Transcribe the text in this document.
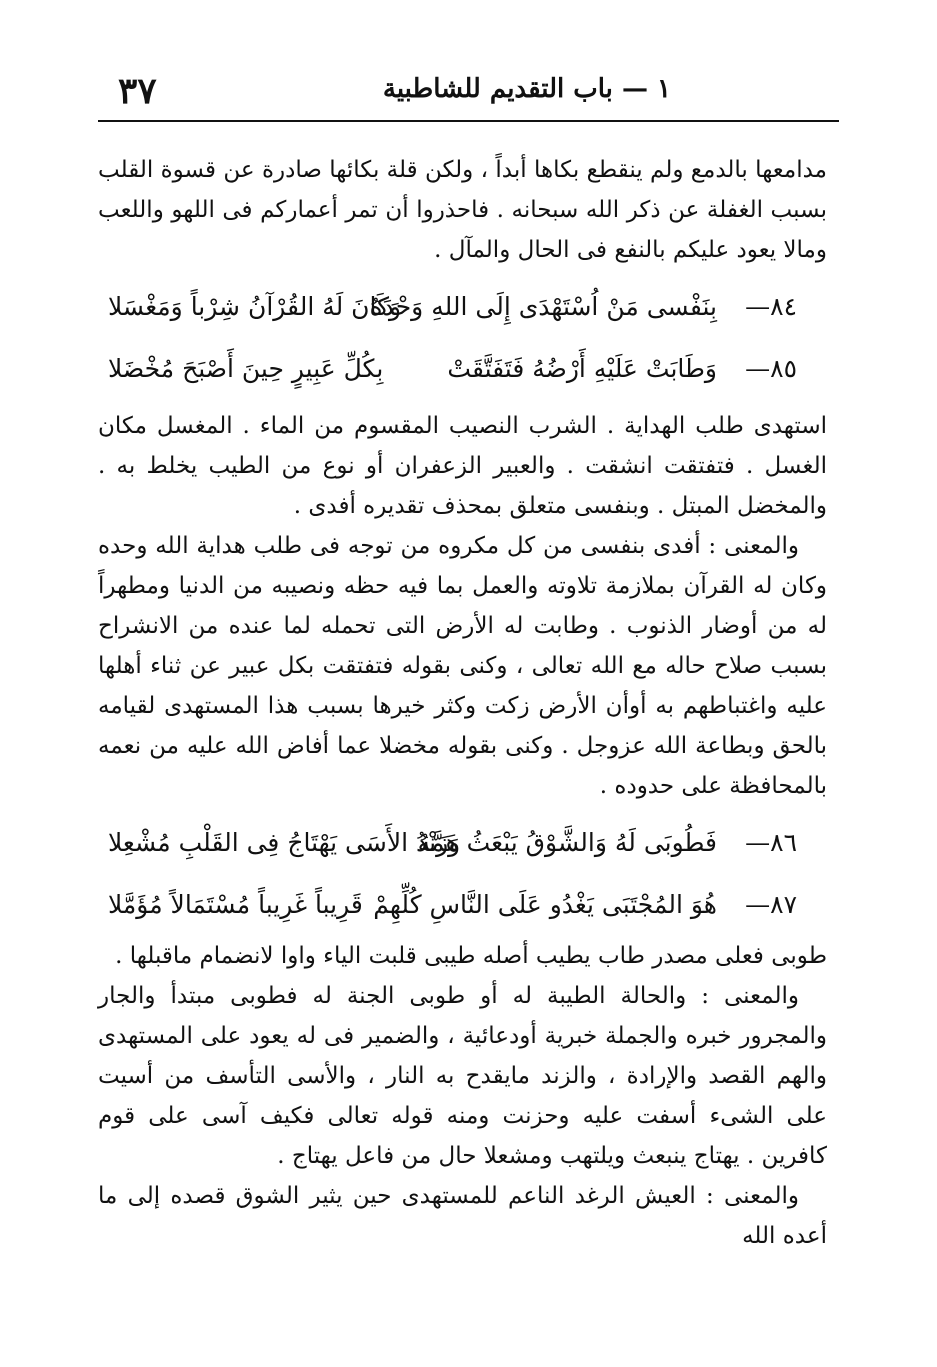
١ — باب التقديم للشاطبية
٣٧

مدامعها بالدمع ولم ينقطع بكاها أبداً ، ولكن قلة بكائها صادرة عن قسوة القلب بسبب الغفلة عن ذكر الله سبحانه . فاحذروا أن تمر أعماركم فى اللهو واللعب ومالا يعود عليكم بالنفع فى الحال والمآل .

٨٤—
بِنَفْسى مَنْ اُسْتَهْدَى إِلَى اللهِ وَحْدَهُ
وَكَانَ لَهُ القُرْآنُ شِرْباً وَمَغْسَلا
٨٥—
وَطَابَتْ عَلَيْهِ أَرْضُهُ فَتَفَتَّقَتْ
بِكُلِّ عَبِيرٍ حِينَ أَصْبَحَ مُخْضَلا

استهدى طلب الهداية . الشرب النصيب المقسوم من الماء . المغسل مكان الغسل . فتفتقت انشقت . والعبير الزعفران أو نوع من الطيب يخلط به . والمخضل المبتل . وبنفسى متعلق بمحذف تقديره أفدى .

والمعنى : أفدى بنفسى من كل مكروه من توجه فى طلب هداية الله وحده وكان له القرآن بملازمة تلاوته والعمل بما فيه حظه ونصيبه من الدنيا ومطهراً له من أوضار الذنوب . وطابت له الأرض التى تحمله لما عنده من الانشراح بسبب صلاح حاله مع الله تعالى ، وكنى بقوله فتفتقت بكل عبير عن ثناء أهلها عليه واغتباطهم به أوأن الأرض زكت وكثر خيرها بسبب هذا المستهدى لقيامه بالحق وبطاعة الله عزوجل . وكنى بقوله مخضلا عما أفاض الله عليه من نعمه بالمحافظة على حدوده .

٨٦—
فَطُوبَى لَهُ وَالشَّوْقُ يَبْعَثُ هَمَّهُ
وَزَنْدُ الأَسَى يَهْتَاجُ فِى القَلْبِ مُشْعِلا
٨٧—
هُوَ المُجْتَبَى يَغْدُو عَلَى النَّاسِ كُلِّهِمْ
قَرِيباً غَرِيباً مُسْتَمَالاً مُؤَمَّلا

طوبى فعلى مصدر طاب يطيب أصله طيبى قلبت الياء واوا لانضمام ماقبلها .

والمعنى : والحالة الطيبة له أو طوبى الجنة له فطوبى مبتدأ والجار والمجرور خبره والجملة خبرية أودعائية ، والضمير فى له يعود على المستهدى والهم القصد والإرادة ، والزند مايقدح به النار ، والأسى التأسف من أسيت على الشىء أسفت عليه وحزنت ومنه قوله تعالى فكيف آسى على قوم كافرين . يهتاج ينبعث ويلتهب ومشعلا حال من فاعل يهتاج .

والمعنى : العيش الرغد الناعم للمستهدى حين يثير الشوق قصده إلى ما أعده الله
